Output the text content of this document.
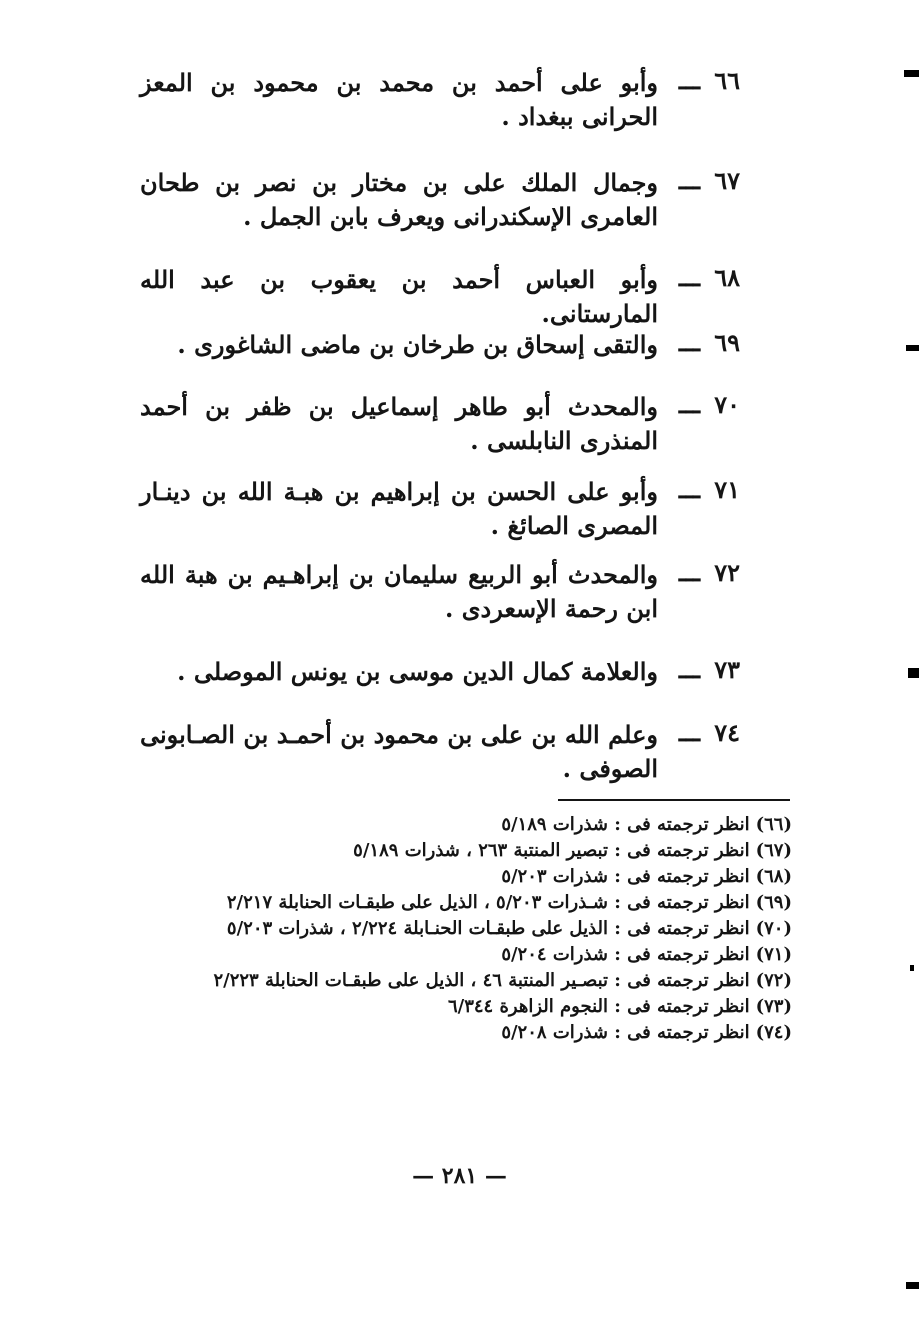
٦٦
ـــ
وأبو على أحمد بن محمد بن محمود بن المعز الحرانى ببغداد .
٦٧
ـــ
وجمال الملك على بن مختار بن نصر بن طحان العامرى الإسكندرانى ويعرف بابن الجمل .
٦٨
ـــ
وأبو العباس أحمد بن يعقوب بن عبد الله المارستانى.
٦٩
ـــ
والتقى إسحاق بن طرخان بن ماضى الشاغورى .
٧٠
ـــ
والمحدث أبو طاهر إسماعيل بن ظفر بن أحمد المنذرى النابلسى .
٧١
ـــ
وأبو على الحسن بن إبراهيم بن هبـة الله بن دينـار المصرى الصائغ .
٧٢
ـــ
والمحدث أبو الربيع سليمان بن إبراهـيم بن هبة الله ابن رحمة الإسعردى .
٧٣
ـــ
والعلامة كمال الدين موسى بن يونس الموصلى .
٧٤
ـــ
وعلم الله بن على بن محمود بن أحمـد بن الصـابونى الصوفى .

(٦٦)انظر ترجمته فى : شذرات ٥/١٨٩

(٦٧)انظر ترجمته فى : تبصير المنتبة ٢٦٣ ، شذرات ٥/١٨٩

(٦٨)انظر ترجمته فى : شذرات ٥/٢٠٣

(٦٩)انظر ترجمته فى : شـذرات ٥/٢٠٣ ، الذيل على طبقـات الحنابلة ٢/٢١٧

(٧٠)انظر ترجمته فى : الذيل على طبقـات الحنـابلة ٢/٢٢٤ ، شذرات ٥/٢٠٣

(٧١)انظر ترجمته فى : شذرات ٥/٢٠٤

(٧٢)انظر ترجمته فى : تبصـير المنتبة ٤٦ ، الذيل على طبقـات الحنابلة ٢/٢٢٣

(٧٣)انظر ترجمته فى : النجوم الزاهرة ٦/٣٤٤

(٧٤)انظر ترجمته فى : شذرات ٥/٢٠٨

— ٢٨١ —
